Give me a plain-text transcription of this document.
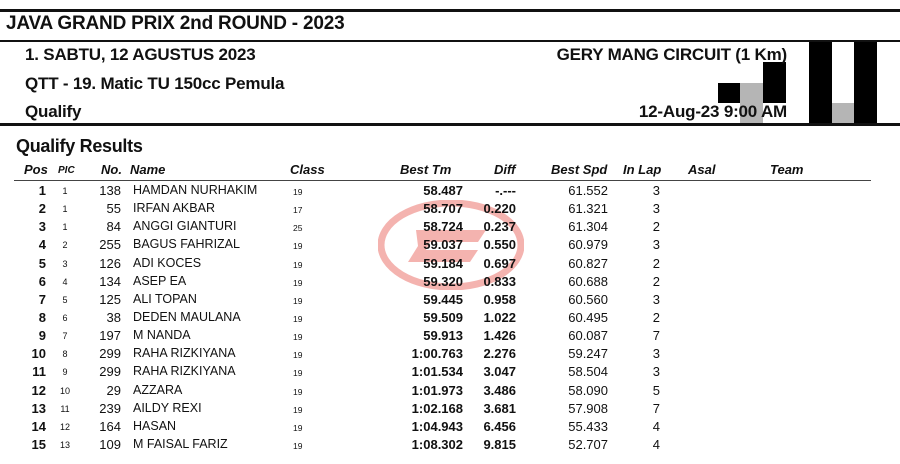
JAVA GRAND PRIX 2nd ROUND - 2023
1. SABTU, 12 AGUSTUS 2023
QTT - 19. Matic TU 150cc Pemula
Qualify
GERY MANG CIRCUIT (1 Km)
12-Aug-23 9:00 AM
Qualify Results
Pos PIC No. Name	Class	Best Tm	Diff	Best Spd In Lap Asal	Team
1	1	138 HAMDAN NURHAKIM	19	58.487	-.---	61.552	3
2	1	55 IRFAN AKBAR	17	58.707	0.220	61.321	3
3	1	84 ANGGI GIANTURI	25	58.724	0.237	61.304	2
4	2	255 BAGUS FAHRIZAL	19	59.037	0.550	60.979	3
5	3	126 ADI KOCES	19	59.184	0.697	60.827	2
6	4	134 ASEP EA	19	59.320	0.833	60.688	2
7	5	125 ALI TOPAN	19	59.445	0.958	60.560	3
8	6	38 DEDEN MAULANA	19	59.509	1.022	60.495	2
9	7	197 M NANDA	19	59.913	1.426	60.087	7
10	8	299 RAHA RIZKIYANA	19	1:00.763	2.276	59.247	3
11	9	299 RAHA RIZKIYANA	19	1:01.534	3.047	58.504	3
12	10	29 AZZARA	19	1:01.973	3.486	58.090	5
13	11	239 AILDY REXI	19	1:02.168	3.681	57.908	7
14	12	164 HASAN	19	1:04.943	6.456	55.433	4
15	13	109 M FAISAL FARIZ	19	1:08.302	9.815	52.707	4
